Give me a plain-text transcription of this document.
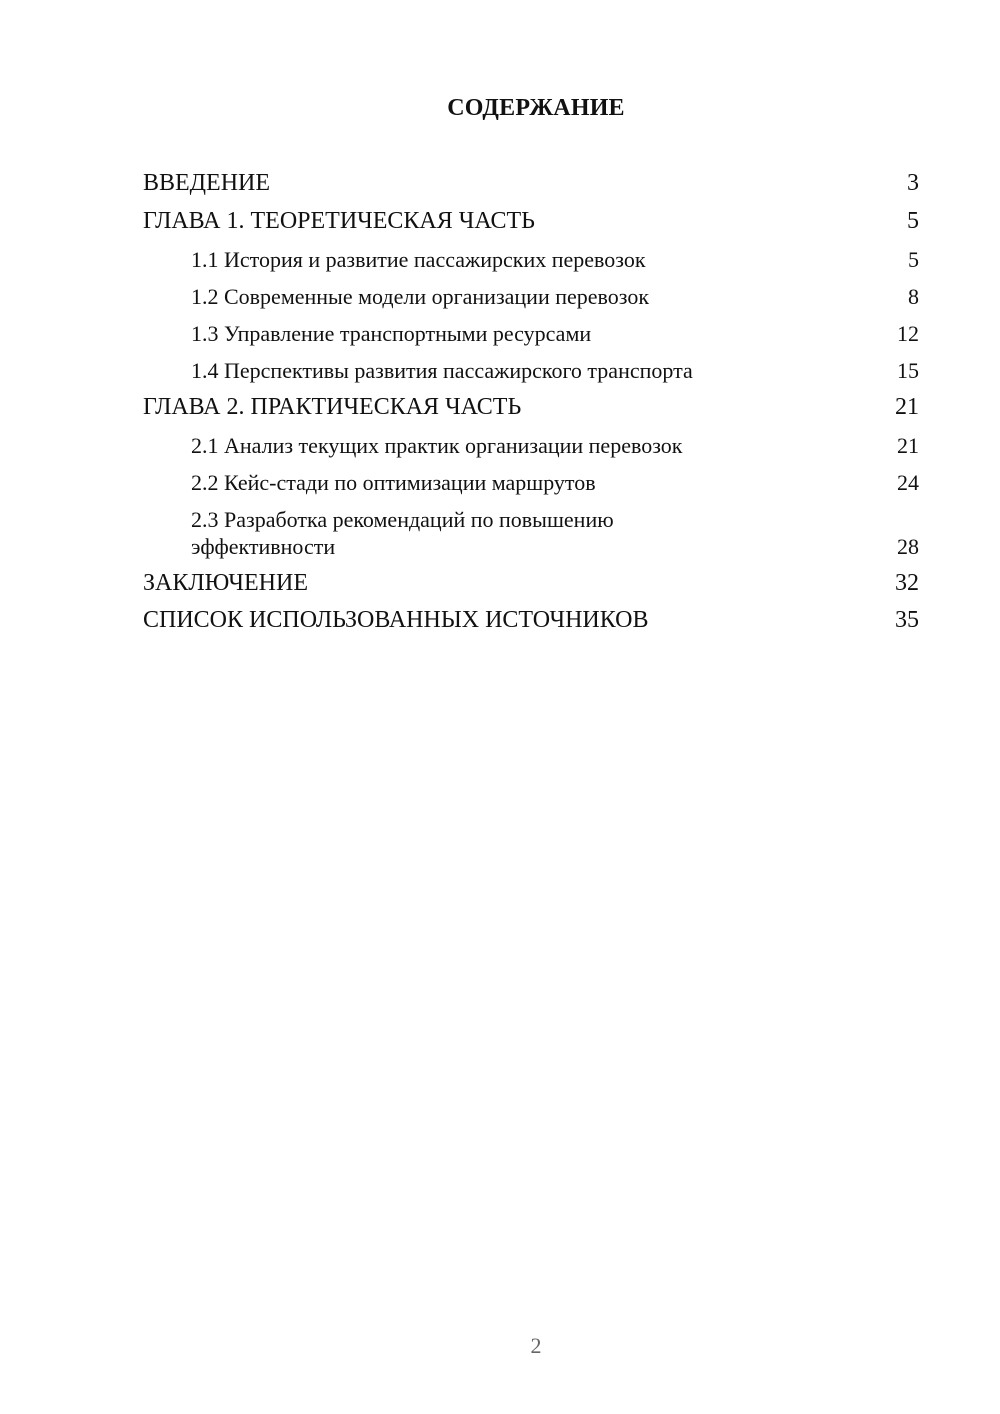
СОДЕРЖАНИЕ
ВВЕДЕНИЕ	3
ГЛАВА 1. ТЕОРЕТИЧЕСКАЯ ЧАСТЬ	5
1.1 История и развитие пассажирских перевозок	5
1.2 Современные модели организации перевозок	8
1.3 Управление транспортными ресурсами	12
1.4 Перспективы развития пассажирского транспорта	15
ГЛАВА 2. ПРАКТИЧЕСКАЯ ЧАСТЬ	21
2.1 Анализ текущих практик организации перевозок	21
2.2 Кейс-стади по оптимизации маршрутов	24
2.3 Разработка рекомендаций по повышению эффективности	28
ЗАКЛЮЧЕНИЕ	32
СПИСОК ИСПОЛЬЗОВАННЫХ ИСТОЧНИКОВ	35
2
